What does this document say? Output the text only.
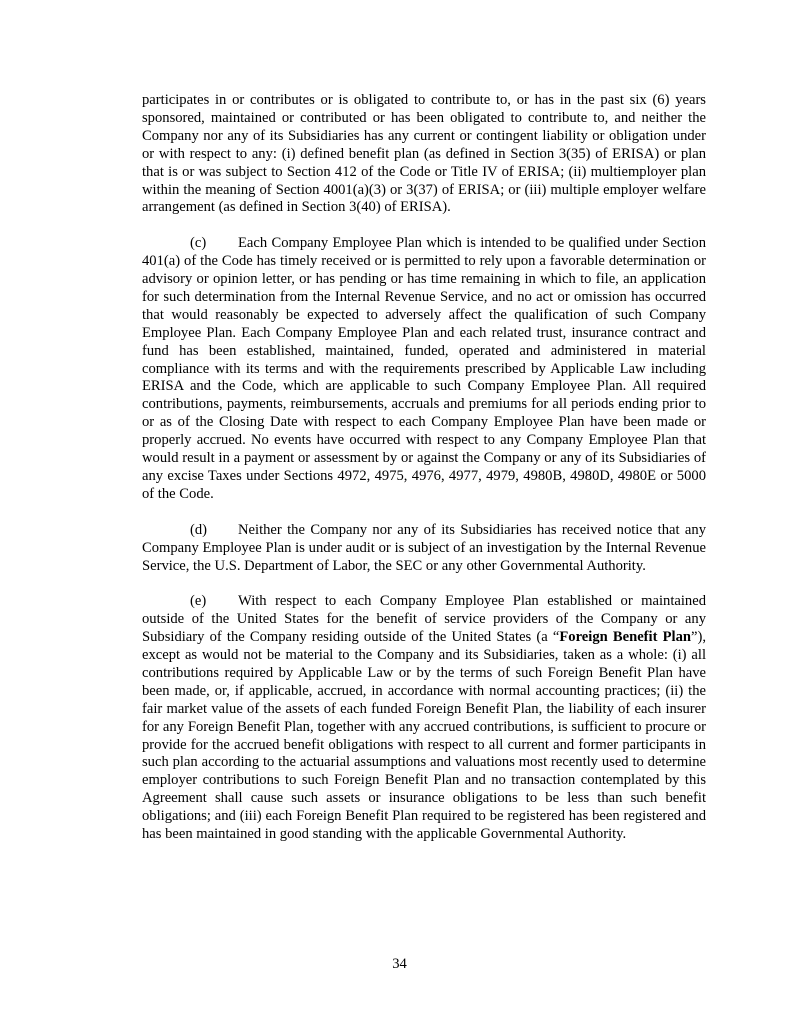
participates in or contributes or is obligated to contribute to, or has in the past six (6) years sponsored, maintained or contributed or has been obligated to contribute to, and neither the Company nor any of its Subsidiaries has any current or contingent liability or obligation under or with respect to any: (i) defined benefit plan (as defined in Section 3(35) of ERISA) or plan that is or was subject to Section 412 of the Code or Title IV of ERISA; (ii) multiemployer plan within the meaning of Section 4001(a)(3) or 3(37) of ERISA; or (iii) multiple employer welfare arrangement (as defined in Section 3(40) of ERISA).

(c) Each Company Employee Plan which is intended to be qualified under Section 401(a) of the Code has timely received or is permitted to rely upon a favorable determination or advisory or opinion letter, or has pending or has time remaining in which to file, an application for such determination from the Internal Revenue Service, and no act or omission has occurred that would reasonably be expected to adversely affect the qualification of such Company Employee Plan. Each Company Employee Plan and each related trust, insurance contract and fund has been established, maintained, funded, operated and administered in material compliance with its terms and with the requirements prescribed by Applicable Law including ERISA and the Code, which are applicable to such Company Employee Plan. All required contributions, payments, reimbursements, accruals and premiums for all periods ending prior to or as of the Closing Date with respect to each Company Employee Plan have been made or properly accrued. No events have occurred with respect to any Company Employee Plan that would result in a payment or assessment by or against the Company or any of its Subsidiaries of any excise Taxes under Sections 4972, 4975, 4976, 4977, 4979, 4980B, 4980D, 4980E or 5000 of the Code.

(d) Neither the Company nor any of its Subsidiaries has received notice that any Company Employee Plan is under audit or is subject of an investigation by the Internal Revenue Service, the U.S. Department of Labor, the SEC or any other Governmental Authority.

(e) With respect to each Company Employee Plan established or maintained outside of the United States for the benefit of service providers of the Company or any Subsidiary of the Company residing outside of the United States (a “Foreign Benefit Plan”), except as would not be material to the Company and its Subsidiaries, taken as a whole: (i) all contributions required by Applicable Law or by the terms of such Foreign Benefit Plan have been made, or, if applicable, accrued, in accordance with normal accounting practices; (ii) the fair market value of the assets of each funded Foreign Benefit Plan, the liability of each insurer for any Foreign Benefit Plan, together with any accrued contributions, is sufficient to procure or provide for the accrued benefit obligations with respect to all current and former participants in such plan according to the actuarial assumptions and valuations most recently used to determine employer contributions to such Foreign Benefit Plan and no transaction contemplated by this Agreement shall cause such assets or insurance obligations to be less than such benefit obligations; and (iii) each Foreign Benefit Plan required to be registered has been registered and has been maintained in good standing with the applicable Governmental Authority.

34
